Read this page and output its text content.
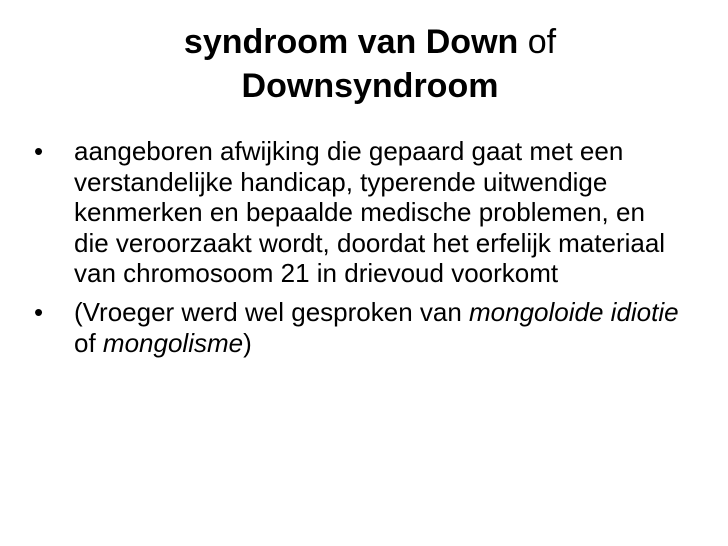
syndroom van Down of
Downsyndroom
•	aangeboren afwijking die gepaard gaat met een verstandelijke handicap, typerende uitwendige kenmerken en bepaalde medische problemen, en die veroorzaakt wordt, doordat het erfelijk materiaal van chromosoom 21 in drievoud voorkomt
•	(Vroeger werd wel gesproken van mongoloide idiotie of mongolisme)
